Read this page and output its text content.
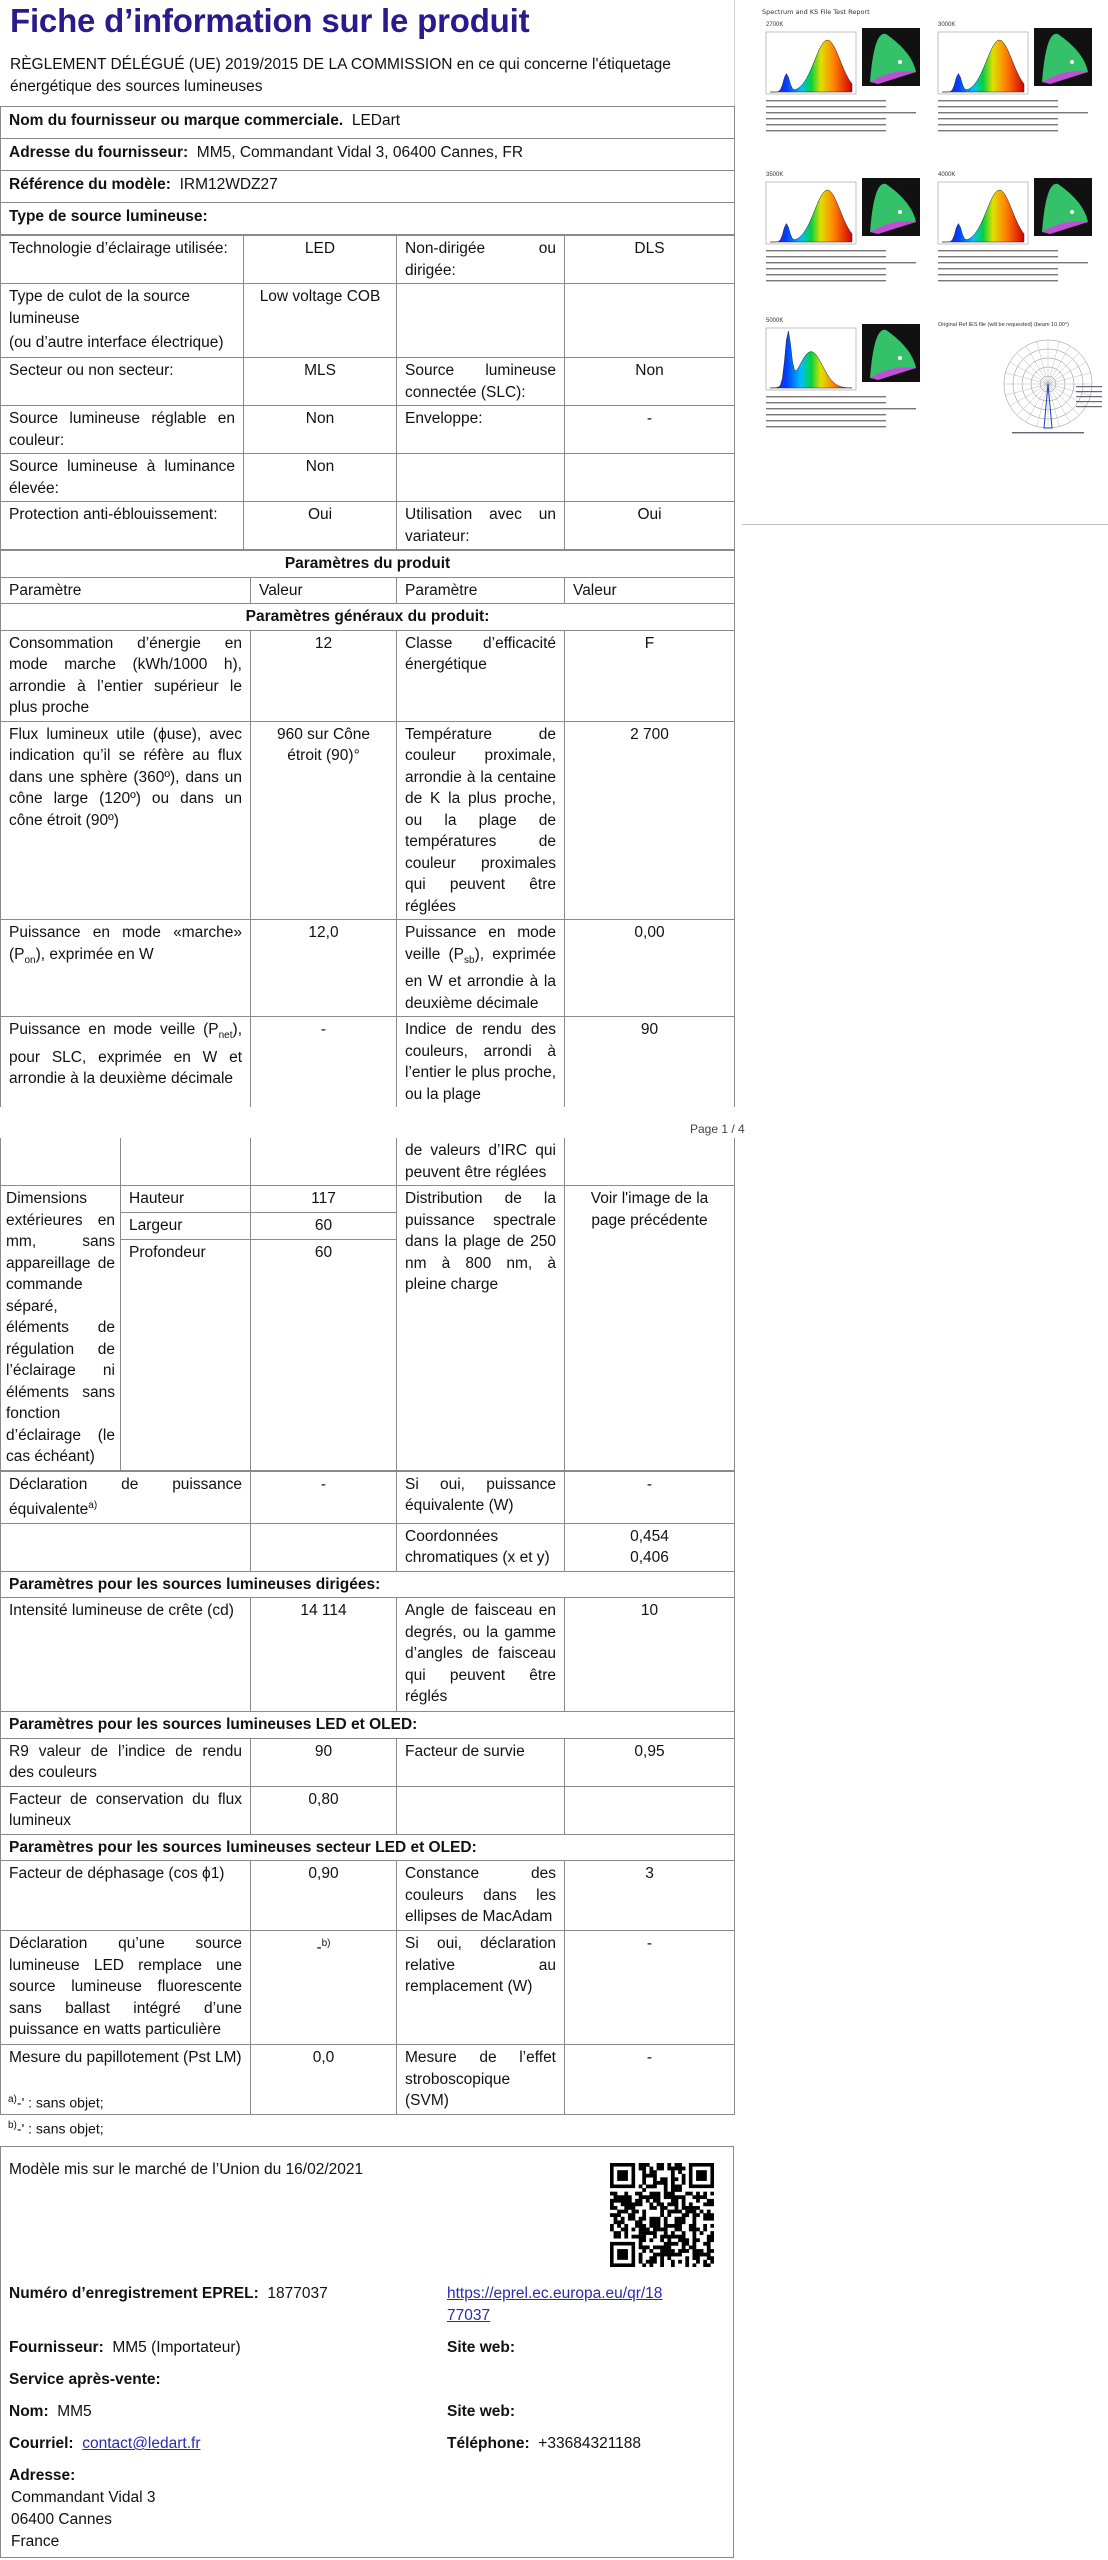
Fiche d’information sur le produit
RÈGLEMENT DÉLÉGUÉ (UE) 2019/2015 DE LA COMMISSION en ce qui concerne l'étiquetage énergétique des sources lumineuses
Nom du fournisseur ou marque commerciale. LEDart
Adresse du fournisseur: MM5, Commandant Vidal 3, 06400 Cannes, FR
Référence du modèle: IRM12WDZ27
Type de source lumineuse:
Technologie d’éclairage utilisée:	LED	Non-dirigée ou dirigée:	DLS

Type de culot de la source lumineuse
(ou d’autre interface électrique)	Low voltage COB		
Secteur ou non secteur:	MLS	Source lumineuse connectée (SLC):	Non
Source lumineuse réglable en couleur:	Non	Enveloppe:	-
Source lumineuse à luminance élevée:	Non		
Protection anti-éblouissement:	Oui	Utilisation avec un variateur:	Oui
Paramètres du produit			
Paramètre	Valeur	Paramètre	Valeur
Paramètres généraux du produit:			
Consommation d’énergie en mode marche (kWh/1000 h), arrondie à l’entier supérieur le plus proche	12	Classe d’efficacité énergétique	F
Flux lumineux utile (ϕuse), avec indication qu’il se réfère au flux dans une sphère (360º), dans un cône large (120º) ou dans un cône étroit (90º)	960 sur Cône étroit (90)°	Température de couleur proximale, arrondie à la centaine de K la plus proche, ou la plage de températures de couleur proximales qui peuvent être réglées	2 700
Puissance en mode «marche» $(P_{on})$, exprimée en W	12,0	Puissance en mode veille $(P_{sb})$, exprimée en W et arrondie à la deuxième décimale	0,00
Puissance en mode veille $(P_{net})$, pour SLC, exprimée en W et arrondie à la deuxième décimale	-	Indice de rendu des couleurs, arrondi à l’entier le plus proche, ou la plage	90
Spectrum and KS File Test Report
2700K	3000K
3500K	4000K
5000K
Original Ref IES file (will be requested) (beam 10.00°)
Page 1 / 4
			de valeurs d’IRC qui peuvent être réglées	
Dimensions extérieures en mm, sans appareillage de commande séparé, éléments de régulation de l’éclairage ni éléments sans fonction d’éclairage (le cas échéant)	Hauteur	117	Distribution de la puissance spectrale dans la plage de 250 nm à 800 nm, à pleine charge	Voir l'image de la page précédente
	Largeur	60		
	Profondeur	60		
Déclaration de puissance équivalente$^{a)}$	-	Si oui, puissance équivalente (W)	-
		Coordonnées chromatiques (x et y)	0,454
0,406

Paramètres pour les sources lumineuses dirigées:			
Intensité lumineuse de crête (cd)	14 114	Angle de faisceau en degrés, ou la gamme d’angles de faisceau qui peuvent être réglés	10
Paramètres pour les sources lumineuses LED et OLED:			
R9 valeur de l’indice de rendu des couleurs	90	Facteur de survie	0,95
Facteur de conservation du flux lumineux	0,80		
Paramètres pour les sources lumineuses secteur LED et OLED:			
Facteur de déphasage (cos ϕ1)	0,90	Constance des couleurs dans les ellipses de MacAdam	3
Déclaration qu’une source lumineuse LED remplace une source lumineuse fluorescente sans ballast intégré d’une puissance en watts particulière	-$^{b)}$	Si oui, déclaration relative au remplacement (W)	-
Mesure du papillotement (Pst LM)	0,0	Mesure de l’effet stroboscopique (SVM)	-
$^{a)}$-' : sans objet;
$^{b)}$-' : sans objet;
Modèle mis sur le marché de l’Union du 16/02/2021
Numéro d’enregistrement EPREL: 1877037	https://eprel.ec.europa.eu/qr/18
77037
Fournisseur: MM5 (Importateur)	Site web:
Service après-vente:
Nom: MM5	Site web:
Courriel: contact@ledart.fr	Téléphone: +33684321188
Adresse:
Commandant Vidal 3
06400 Cannes
France
